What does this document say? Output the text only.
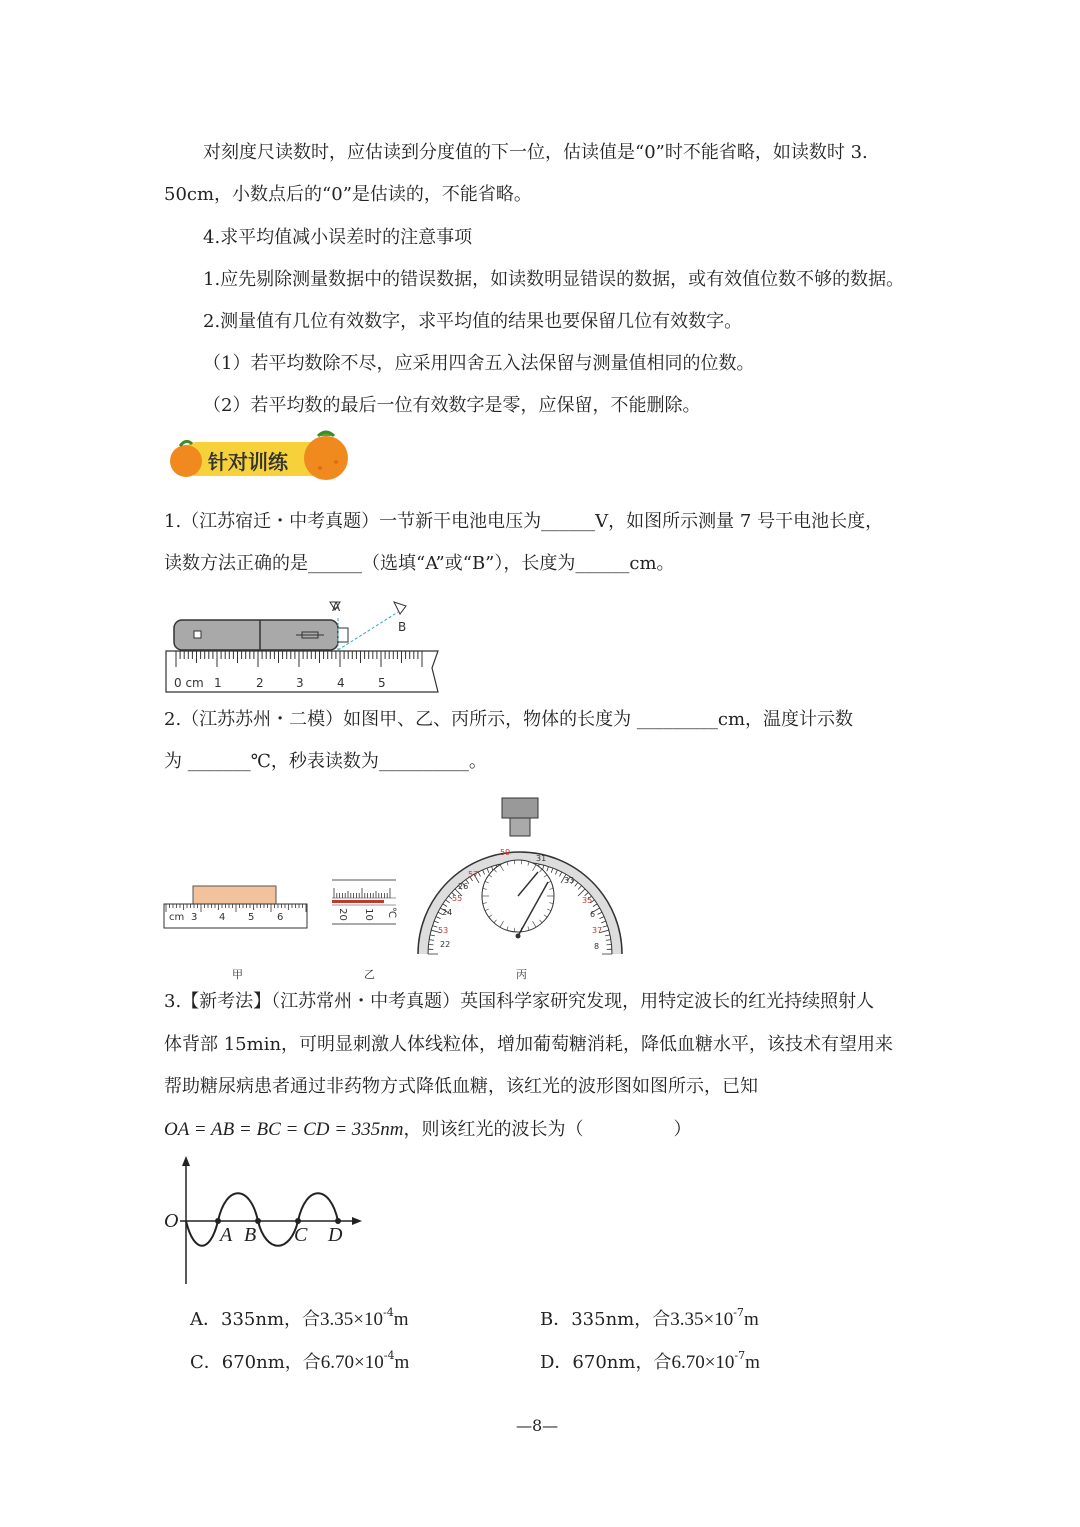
对刻度尺读数时，应估读到分度值的下一位，估读值是“0”时不能省略，如读数时 3.
50cm，小数点后的“0”是估读的，不能省略。
4.求平均值减小误差时的注意事项
1.应先剔除测量数据中的错误数据，如读数明显错误的数据，或有效值位数不够的数据。
2.测量值有几位有效数字，求平均值的结果也要保留几位有效数字。
（1）若平均数除不尽，应采用四舍五入法保留与测量值相同的位数。
（2）若平均数的最后一位有效数字是零，应保留，不能删除。
针对训练
1.（江苏宿迁・中考真题）一节新干电池电压为______V，如图所示测量 7 号干电池长度，
读数方法正确的是______（选填“A”或“B”），长度为______cm。
A
B
0 cm 1	2	3	4	5
2.（江苏苏州・二模）如图甲、乙、丙所示，物体的长度为 _________cm，温度计示数
为 _______℃，秒表读数为__________。
cm 3 4 5 6	20 10 ℃
59
31
26
55
53
22
24
33
35
37
6
8
57
甲	乙	丙
3.【新考法】（江苏常州・中考真题）英国科学家研究发现，用特定波长的红光持续照射人
体背部 15min，可明显刺激人体线粒体，增加葡萄糖消耗，降低血糖水平，该技术有望用来
帮助糖尿病患者通过非药物方式降低血糖，该红光的波形图如图所示，已知
OA = AB = BC = CD = 335nm，则该红光的波长为（　　　　　）
O
A B C D
A．335nm，合$3.35\times 10^{-4}m$	B．335nm，合$3.35\times 10^{-7}m$
C．670nm，合$6.70\times 10^{-4}m$	D．670nm，合$6.70\times 10^{-7}m$
—8—
